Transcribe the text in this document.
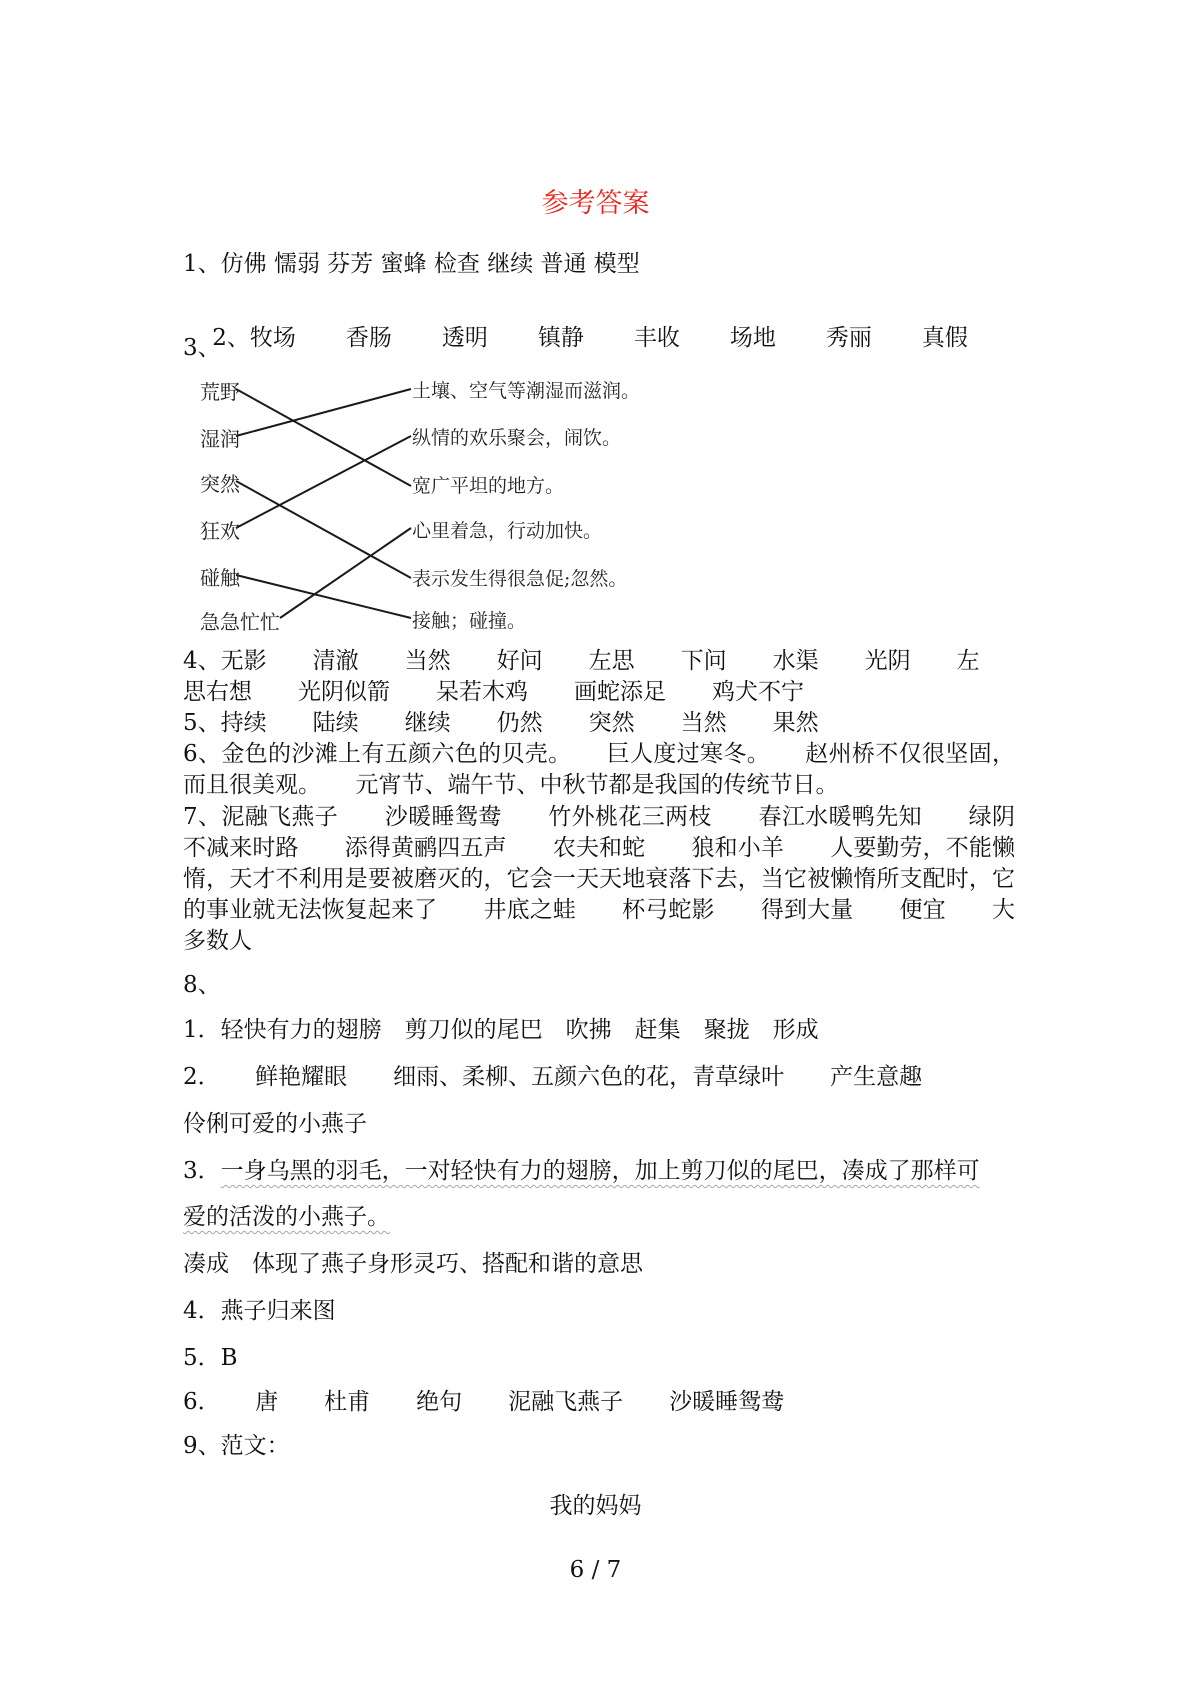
参考答案
1、仿佛 懦弱 芬芳 蜜蜂 检查 继续 普通 模型

2、牧场 香肠 透明 镇静 丰收 场地 秀丽 真假

3、
荒野
湿润
突然
狂欢
碰触
急急忙忙
土壤、空气等潮湿而滋润。
纵情的欢乐聚会，闹饮。
宽广平坦的地方。
心里着急，行动加快。
表示发生得很急促;忽然。
接触；碰撞。
4、无影　　清澈　　当然　　好问　　左思　　下问　　水渠　　光阴　　左
思右想　　光阴似箭　　呆若木鸡　　画蛇添足　　鸡犬不宁
5、持续　　陆续　　继续　　仍然　　突然　　当然　　果然
6、金色的沙滩上有五颜六色的贝壳。　　巨人度过寒冬。　　赵州桥不仅很坚固，而且很美观。　　元宵节、端午节、中秋节都是我国的传统节日。
7、泥融飞燕子　　沙暖睡鸳鸯　　竹外桃花三两枝　　春江水暖鸭先知　　绿阴不减来时路　　添得黄鹂四五声　　农夫和蛇　　狼和小羊　　人要勤劳，不能懒惰，天才不利用是要被磨灭的，它会一天天地衰落下去，当它被懒惰所支配时，它的事业就无法恢复起来了　　井底之蛙　　杯弓蛇影　　得到大量　　便宜　　大多数人
8、
1．轻快有力的翅膀　剪刀似的尾巴　吹拂　赶集　聚拢　形成
2．　　鲜艳耀眼　　细雨、柔柳、五颜六色的花，青草绿叶　　产生意趣
伶俐可爱的小燕子
3．一身乌黑的羽毛，一对轻快有力的翅膀，加上剪刀似的尾巴，凑成了那样可
爱的活泼的小燕子。
凑成　体现了燕子身形灵巧、搭配和谐的意思
4．燕子归来图
5．B
6．　　唐　　杜甫　　绝句　　泥融飞燕子　　沙暖睡鸳鸯
9、范文：
我的妈妈
6 / 7
